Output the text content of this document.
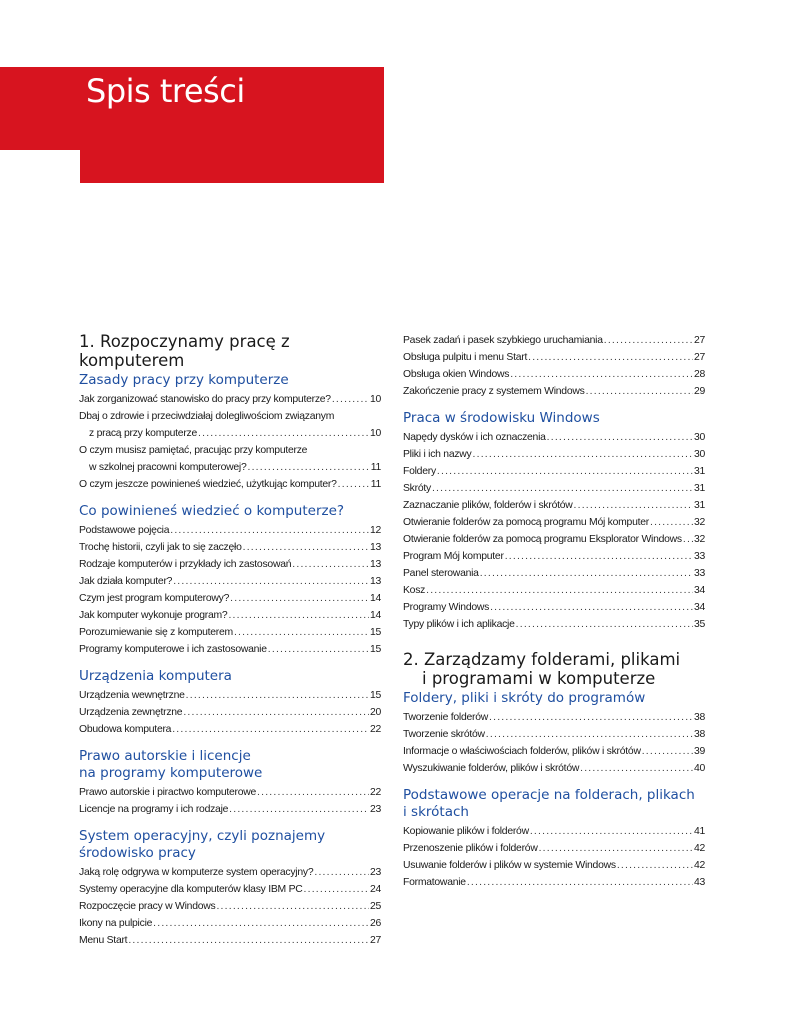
Spis treści
1. Rozpoczynamy pracę z komputerem
Zasady pracy przy komputerze
Jak zorganizować stanowisko do pracy przy komputerze? .....	10
Dbaj o zdrowie i przeciwdziałaj dolegliwościom związanym
z pracą przy komputerze .....	10
O czym musisz pamiętać, pracując przy komputerze
w szkolnej pracowni komputerowej? .....	11
O czym jeszcze powinieneś wiedzieć, użytkując komputer? .....	11
Co powinieneś wiedzieć o komputerze?
Podstawowe pojęcia .....	12
Trochę historii, czyli jak to się zaczęło .....	13
Rodzaje komputerów i przykłady ich zastosowań .....	13
Jak działa komputer? .....	13
Czym jest program komputerowy? .....	14
Jak komputer wykonuje program? .....	14
Porozumiewanie się z komputerem .....	15
Programy komputerowe i ich zastosowanie .....	15
Urządzenia komputera
Urządzenia wewnętrzne .....	15
Urządzenia zewnętrzne .....	20
Obudowa komputera .....	22
Prawo autorskie i licencje
na programy komputerowe
Prawo autorskie i piractwo komputerowe .....	22
Licencje na programy i ich rodzaje .....	23
System operacyjny, czyli poznajemy
środowisko pracy
Jaką rolę odgrywa w komputerze system operacyjny? .....	23
Systemy operacyjne dla komputerów klasy IBM PC .....	24
Rozpoczęcie pracy w Windows .....	25
Ikony na pulpicie .....	26
Menu Start .....	27
Pasek zadań i pasek szybkiego uruchamiania .....	27
Obsługa pulpitu i menu Start .....	27
Obsługa okien Windows .....	28
Zakończenie pracy z systemem Windows .....	29
Praca w środowisku Windows
Napędy dysków i ich oznaczenia .....	30
Pliki i ich nazwy .....	30
Foldery .....	31
Skróty .....	31
Zaznaczanie plików, folderów i skrótów .....	31
Otwieranie folderów za pomocą programu Mój komputer .....	32
Otwieranie folderów za pomocą programu Eksplorator Windows ..... 32
Program Mój komputer .....	33
Panel sterowania .....	33
Kosz .....	34
Programy Windows .....	34
Typy plików i ich aplikacje .....	35
2. Zarządzamy folderami, plikami
i programami w komputerze
Foldery, pliki i skróty do programów
Tworzenie folderów .....	38
Tworzenie skrótów .....	38
Informacje o właściwościach folderów, plików i skrótów .....	39
Wyszukiwanie folderów, plików i skrótów .....	40
Podstawowe operacje na folderach, plikach
i skrótach
Kopiowanie plików i folderów .....	41
Przenoszenie plików i folderów .....	42
Usuwanie folderów i plików w systemie Windows .....	42
Formatowanie .....	43
